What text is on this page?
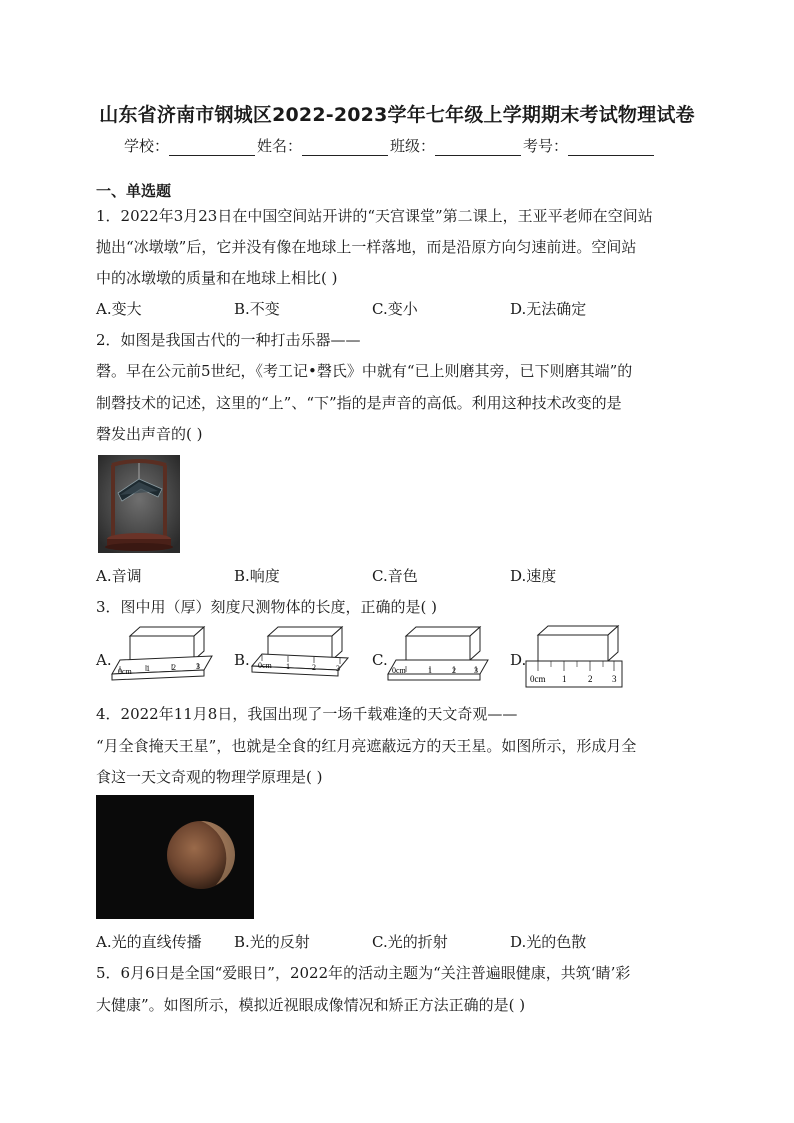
山东省济南市钢城区2022-2023学年七年级上学期期末考试物理试卷
学校：	姓名：	班级：	考号：
一、单选题
1．2022年3月23日在中国空间站开讲的“天宫课堂”第二课上，王亚平老师在空间站
抛出“冰墩墩”后，它并没有像在地球上一样落地，而是沿原方向匀速前进。空间站
中的冰墩墩的质量和在地球上相比( )
A.变大	B.不变	C.变小	D.无法确定
2．如图是我国古代的一种打击乐器——
磬。早在公元前5世纪，《考工记•磬氏》中就有“已上则磨其旁，已下则磨其端”的
制磬技术的记述，这里的“上”、“下”指的是声音的高低。利用这种技术改变的是
磬发出声音的( )
A.音调	B.响度	C.音色	D.速度
3．图中用（厚）刻度尺测物体的长度，正确的是( )
A.
0cm 1	2	3 B. 0cm 1	2	3 C.
0cm	1	2 3
D.
0cm 1 2 3
4．2022年11月8日，我国出现了一场千载难逢的天文奇观——
“月全食掩天王星”，也就是全食的红月亮遮蔽远方的天王星。如图所示，形成月全
食这一天文奇观的物理学原理是( )
A.光的直线传播 B.光的反射	C.光的折射	D.光的色散
5．6月6日是全国“爱眼日”，2022年的活动主题为“关注普遍眼健康，共筑‘睛’彩
大健康”。如图所示，模拟近视眼成像情况和矫正方法正确的是( )
